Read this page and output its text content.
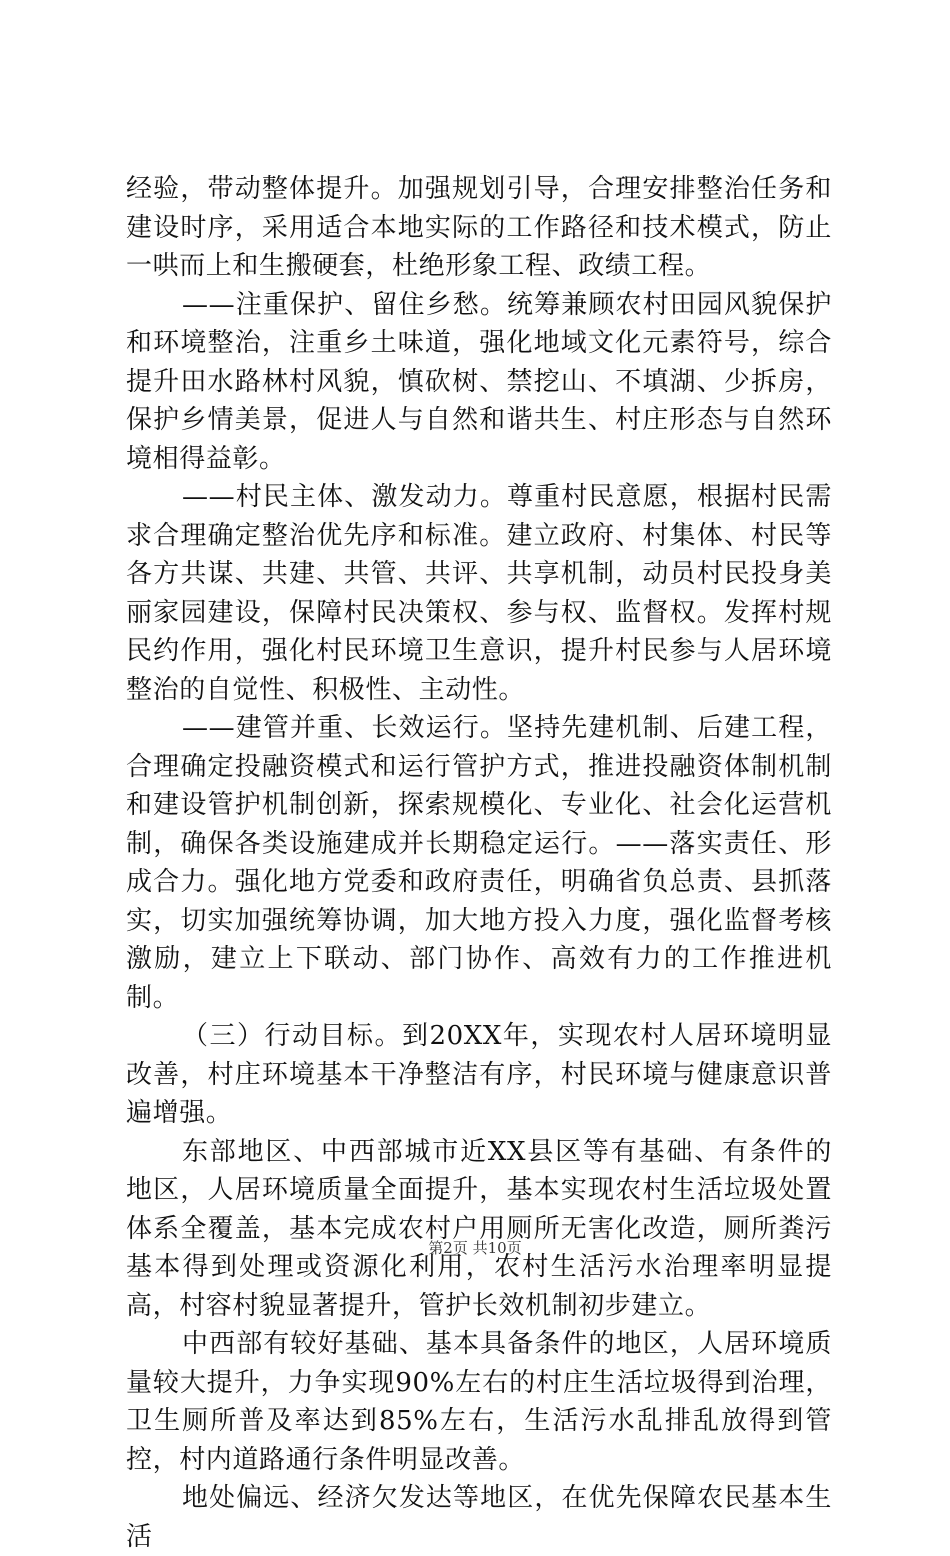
经验，带动整体提升。加强规划引导，合理安排整治任务和建设时序，采用适合本地实际的工作路径和技术模式，防止一哄而上和生搬硬套，杜绝形象工程、政绩工程。

——注重保护、留住乡愁。统筹兼顾农村田园风貌保护和环境整治，注重乡土味道，强化地域文化元素符号，综合提升田水路林村风貌，慎砍树、禁挖山、不填湖、少拆房，保护乡情美景，促进人与自然和谐共生、村庄形态与自然环境相得益彰。

——村民主体、激发动力。尊重村民意愿，根据村民需求合理确定整治优先序和标准。建立政府、村集体、村民等各方共谋、共建、共管、共评、共享机制，动员村民投身美丽家园建设，保障村民决策权、参与权、监督权。发挥村规民约作用，强化村民环境卫生意识，提升村民参与人居环境整治的自觉性、积极性、主动性。

——建管并重、长效运行。坚持先建机制、后建工程，合理确定投融资模式和运行管护方式，推进投融资体制机制和建设管护机制创新，探索规模化、专业化、社会化运营机制，确保各类设施建成并长期稳定运行。——落实责任、形成合力。强化地方党委和政府责任，明确省负总责、县抓落实，切实加强统筹协调，加大地方投入力度，强化监督考核激励，建立上下联动、部门协作、高效有力的工作推进机制。

（三）行动目标。到20XX年，实现农村人居环境明显改善，村庄环境基本干净整洁有序，村民环境与健康意识普遍增强。

东部地区、中西部城市近XX县区等有基础、有条件的地区，人居环境质量全面提升，基本实现农村生活垃圾处置体系全覆盖，基本完成农村户用厕所无害化改造，厕所粪污基本得到处理或资源化利用，农村生活污水治理率明显提高，村容村貌显著提升，管护长效机制初步建立。

中西部有较好基础、基本具备条件的地区，人居环境质量较大提升，力争实现90%左右的村庄生活垃圾得到治理，卫生厕所普及率达到85%左右，生活污水乱排乱放得到管控，村内道路通行条件明显改善。

地处偏远、经济欠发达等地区，在优先保障农民基本生活

第2页 共10页
